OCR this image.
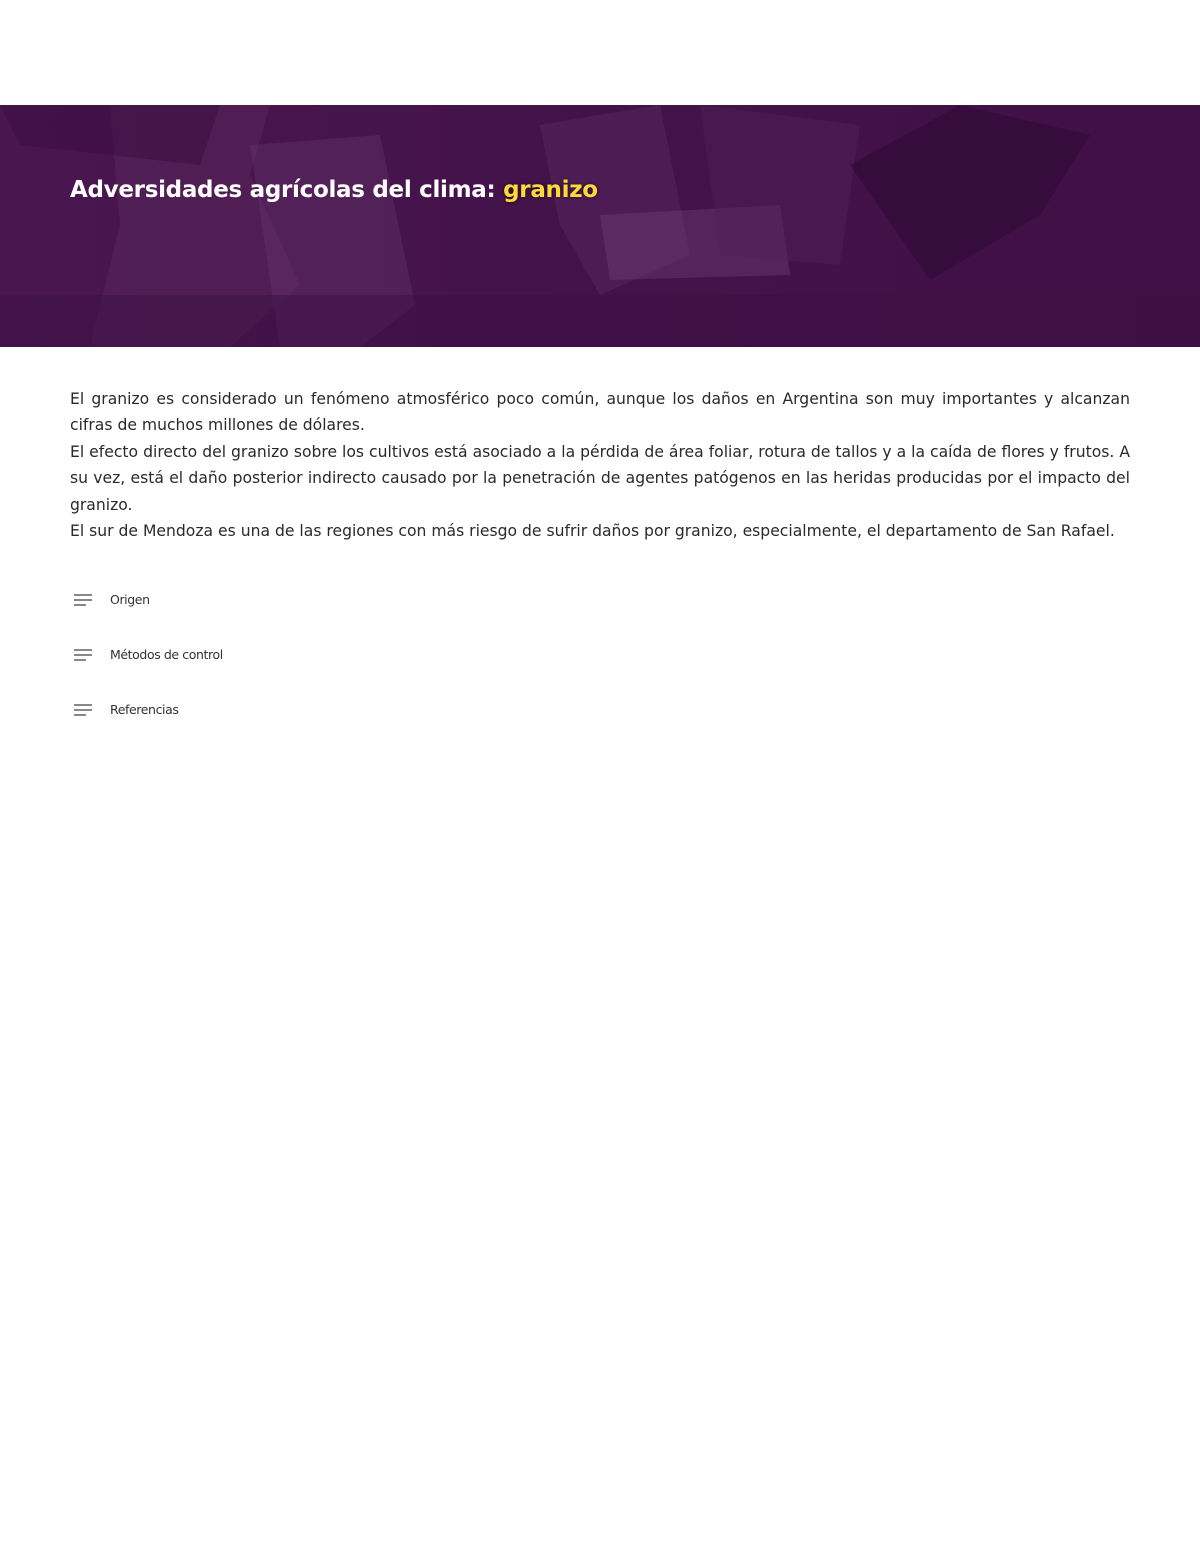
Adversidades agrícolas del clima: granizo

El granizo es considerado un fenómeno atmosférico poco común, aunque los daños en Argentina son muy importantes y alcanzan cifras de muchos millones de dólares.

El efecto directo del granizo sobre los cultivos está asociado a la pérdida de área foliar, rotura de tallos y a la caída de flores y frutos. A su vez, está el daño posterior indirecto causado por la penetración de agentes patógenos en las heridas producidas por el impacto del granizo.

El sur de Mendoza es una de las regiones con más riesgo de sufrir daños por granizo, especialmente, el departamento de San Rafael.

Origen
Métodos de control
Referencias
